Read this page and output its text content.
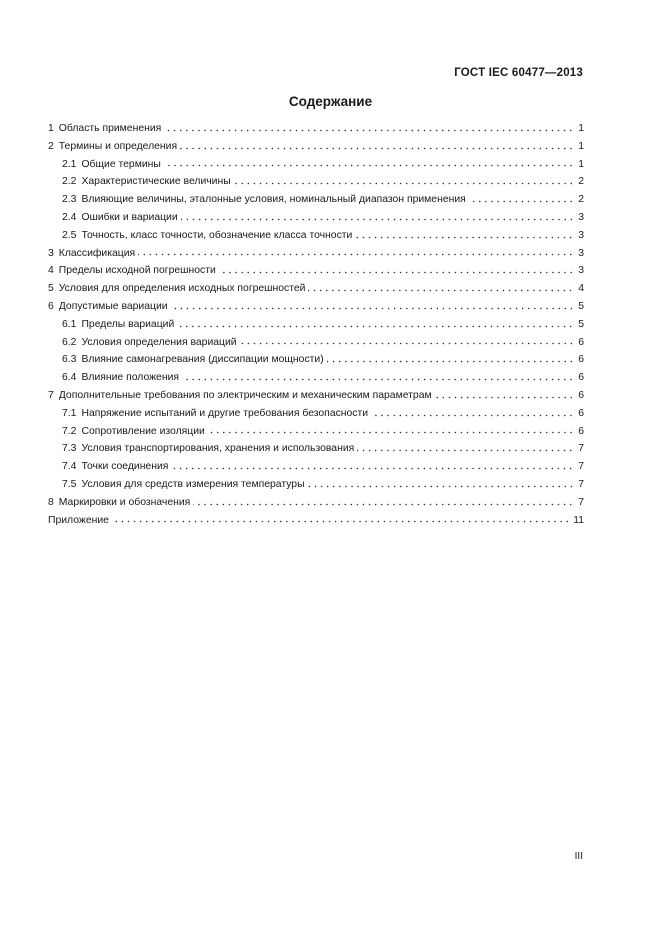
ГОСТ IEC 60477—2013
Содержание
1 Область применения	1
2 Термины и определения	1
2.1 Общие термины	1
2.2 Характеристические величины	2
2.3 Влияющие величины, эталонные условия, номинальный диапазон применения	2
2.4 Ошибки и вариации	3
2.5 Точность, класс точности, обозначение класса точности	3
3 Классификация	3
4 Пределы исходной погрешности	3
5 Условия для определения исходных погрешностей	4
6 Допустимые вариации	5
6.1 Пределы вариаций	5
6.2 Условия определения вариаций	6
6.3 Влияние самонагревания (диссипации мощности)	6
6.4 Влияние положения	6
7 Дополнительные требования по электрическим и механическим параметрам	6
7.1 Напряжение испытаний и другие требования безопасности	6
7.2 Сопротивление изоляции	6
7.3 Условия транспортирования, хранения и использования	7
7.4 Точки соединения	7
7.5 Условия для средств измерения температуры	7
8 Маркировки и обозначения	7
Приложение	11
III
